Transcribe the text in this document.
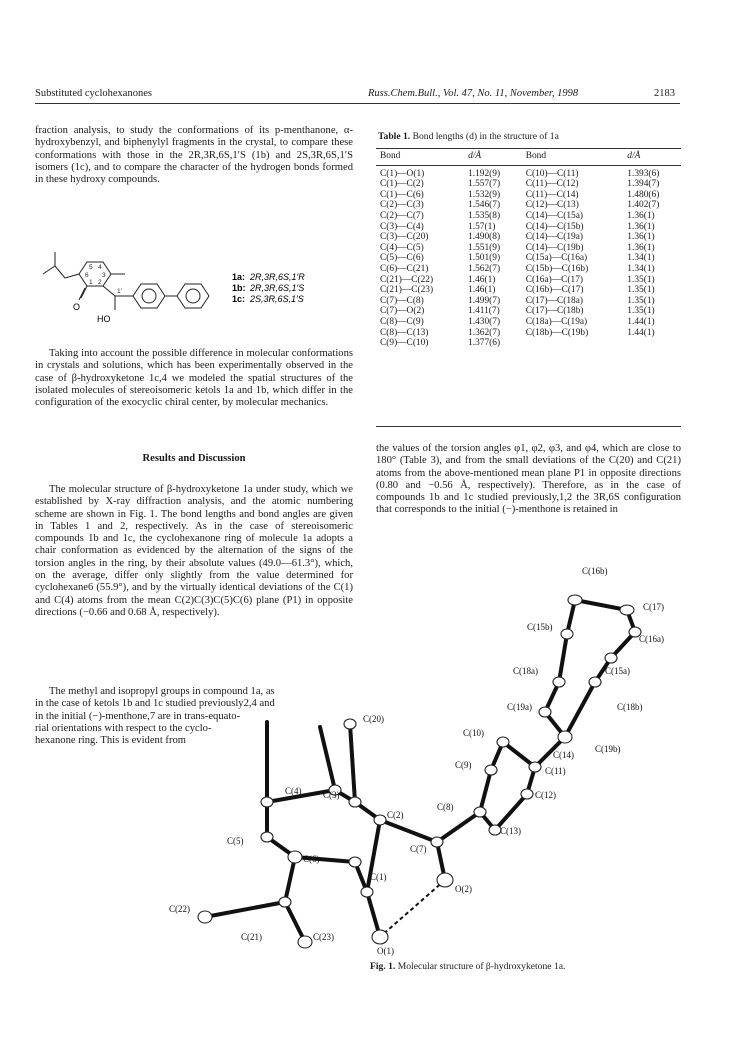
Substituted cyclohexanones	Russ.Chem.Bull., Vol. 47, No. 11, November, 1998	2183

fraction analysis, to study the conformations of its p-menthanone, α-hydroxybenzyl, and biphenylyl fragments in the crystal, to compare these conformations with those in the 2R,3R,6S,1′S (1b) and 2S,3R,6S,1′S isomers (1c), and to compare the character of the hydrogen bonds formed in these hydroxy compounds.

5 4
6 3
1 2
1′
O
HO
1a: 2R,3R,6S,1′R
1b: 2R,3R,6S,1′S
1c: 2S,3R,6S,1′S

Taking into account the possible difference in molecular conformations in crystals and solutions, which has been experimentally observed in the case of β-hydroxyketone 1c,4 we modeled the spatial structures of the isolated molecules of stereoisomeric ketols 1a and 1b, which differ in the configuration of the exocyclic chiral center, by molecular mechanics.

Results and Discussion

The molecular structure of β-hydroxyketone 1a under study, which we established by X-ray diffraction analysis, and the atomic numbering scheme are shown in Fig. 1. The bond lengths and bond angles are given in Tables 1 and 2, respectively. As in the case of stereoisomeric compounds 1b and 1c, the cyclohexanone ring of molecule 1a adopts a chair conformation as evidenced by the alternation of the signs of the torsion angles in the ring, by their absolute values (49.0—61.3°), which, on the average, differ only slightly from the value determined for cyclohexane6 (55.9°), and by the virtually identical deviations of the C(1) and C(4) atoms from the mean C(2)C(3)C(5)C(6) plane (P1) in opposite directions (−0.66 and 0.68 Å, respectively).

The methyl and isopropyl groups in compound 1a, as
in the case of ketols 1b and 1c studied previously2,4 and
in the initial (−)-menthone,7 are in trans-equato-
rial orientations with respect to the cyclo-
hexanone ring. This is evident from
Table 1. Bond lengths (d) in the structure of 1a
Bond	d/Å	Bond	d/Å
C(1)—O(1)	1.192(9)	C(10)—C(11)	1.393(6)
C(1)—C(2)	1.557(7)	C(11)—C(12)	1.394(7)
C(1)—C(6)	1.532(9)	C(11)—C(14)	1.480(6)
C(2)—C(3)	1.546(7)	C(12)—C(13)	1.402(7)
C(2)—C(7)	1.535(8)	C(14)—C(15a)	1.36(1)
C(3)—C(4)	1.57(1)	C(14)—C(15b)	1.36(1)
C(3)—C(20)	1.490(8)	C(14)—C(19a)	1.36(1)
C(4)—C(5)	1.551(9)	C(14)—C(19b)	1.36(1)
C(5)—C(6)	1.501(9)	C(15a)—C(16a)	1.34(1)
C(6)—C(21)	1.562(7)	C(15b)—C(16b)	1.34(1)
C(21)—C(22)	1.46(1)	C(16a)—C(17)	1.35(1)
C(21)—C(23)	1.46(1)	C(16b)—C(17)	1.35(1)
C(7)—C(8)	1.499(7)	C(17)—C(18a)	1.35(1)
C(7)—O(2)	1.411(7)	C(17)—C(18b)	1.35(1)
C(8)—C(9)	1.430(7)	C(18a)—C(19a)	1.44(1)
C(8)—C(13)	1.362(7)	C(18b)—C(19b)	1.44(1)
C(9)—C(10)	1.377(6)		

the values of the torsion angles φ1, φ2, φ3, and φ4, which are close to 180° (Table 3), and from the small deviations of the C(20) and C(21) atoms from the above-mentioned mean plane P1 in opposite directions (0.80 and −0.56 Å, respectively). Therefore, as in the case of compounds 1b and 1c studied previously,1,2 the 3R,6S configuration that corresponds to the initial (−)-menthone is retained in

C(16b)
C(17)
C(16a)
C(15b)
C(18a)	C(15a)
C(19a)	C(18b)
C(14)
C(19b)
C(10)
C(11)
C(9)
C(12)
C(20)
C(8)
C(13)
C(4) C(3)
C(2)
C(7)
C(5)
C(6)
C(1)
O(2)
C(22)
C(21)	C(23)
O(1)
Fig. 1. Molecular structure of β-hydroxyketone 1a.
